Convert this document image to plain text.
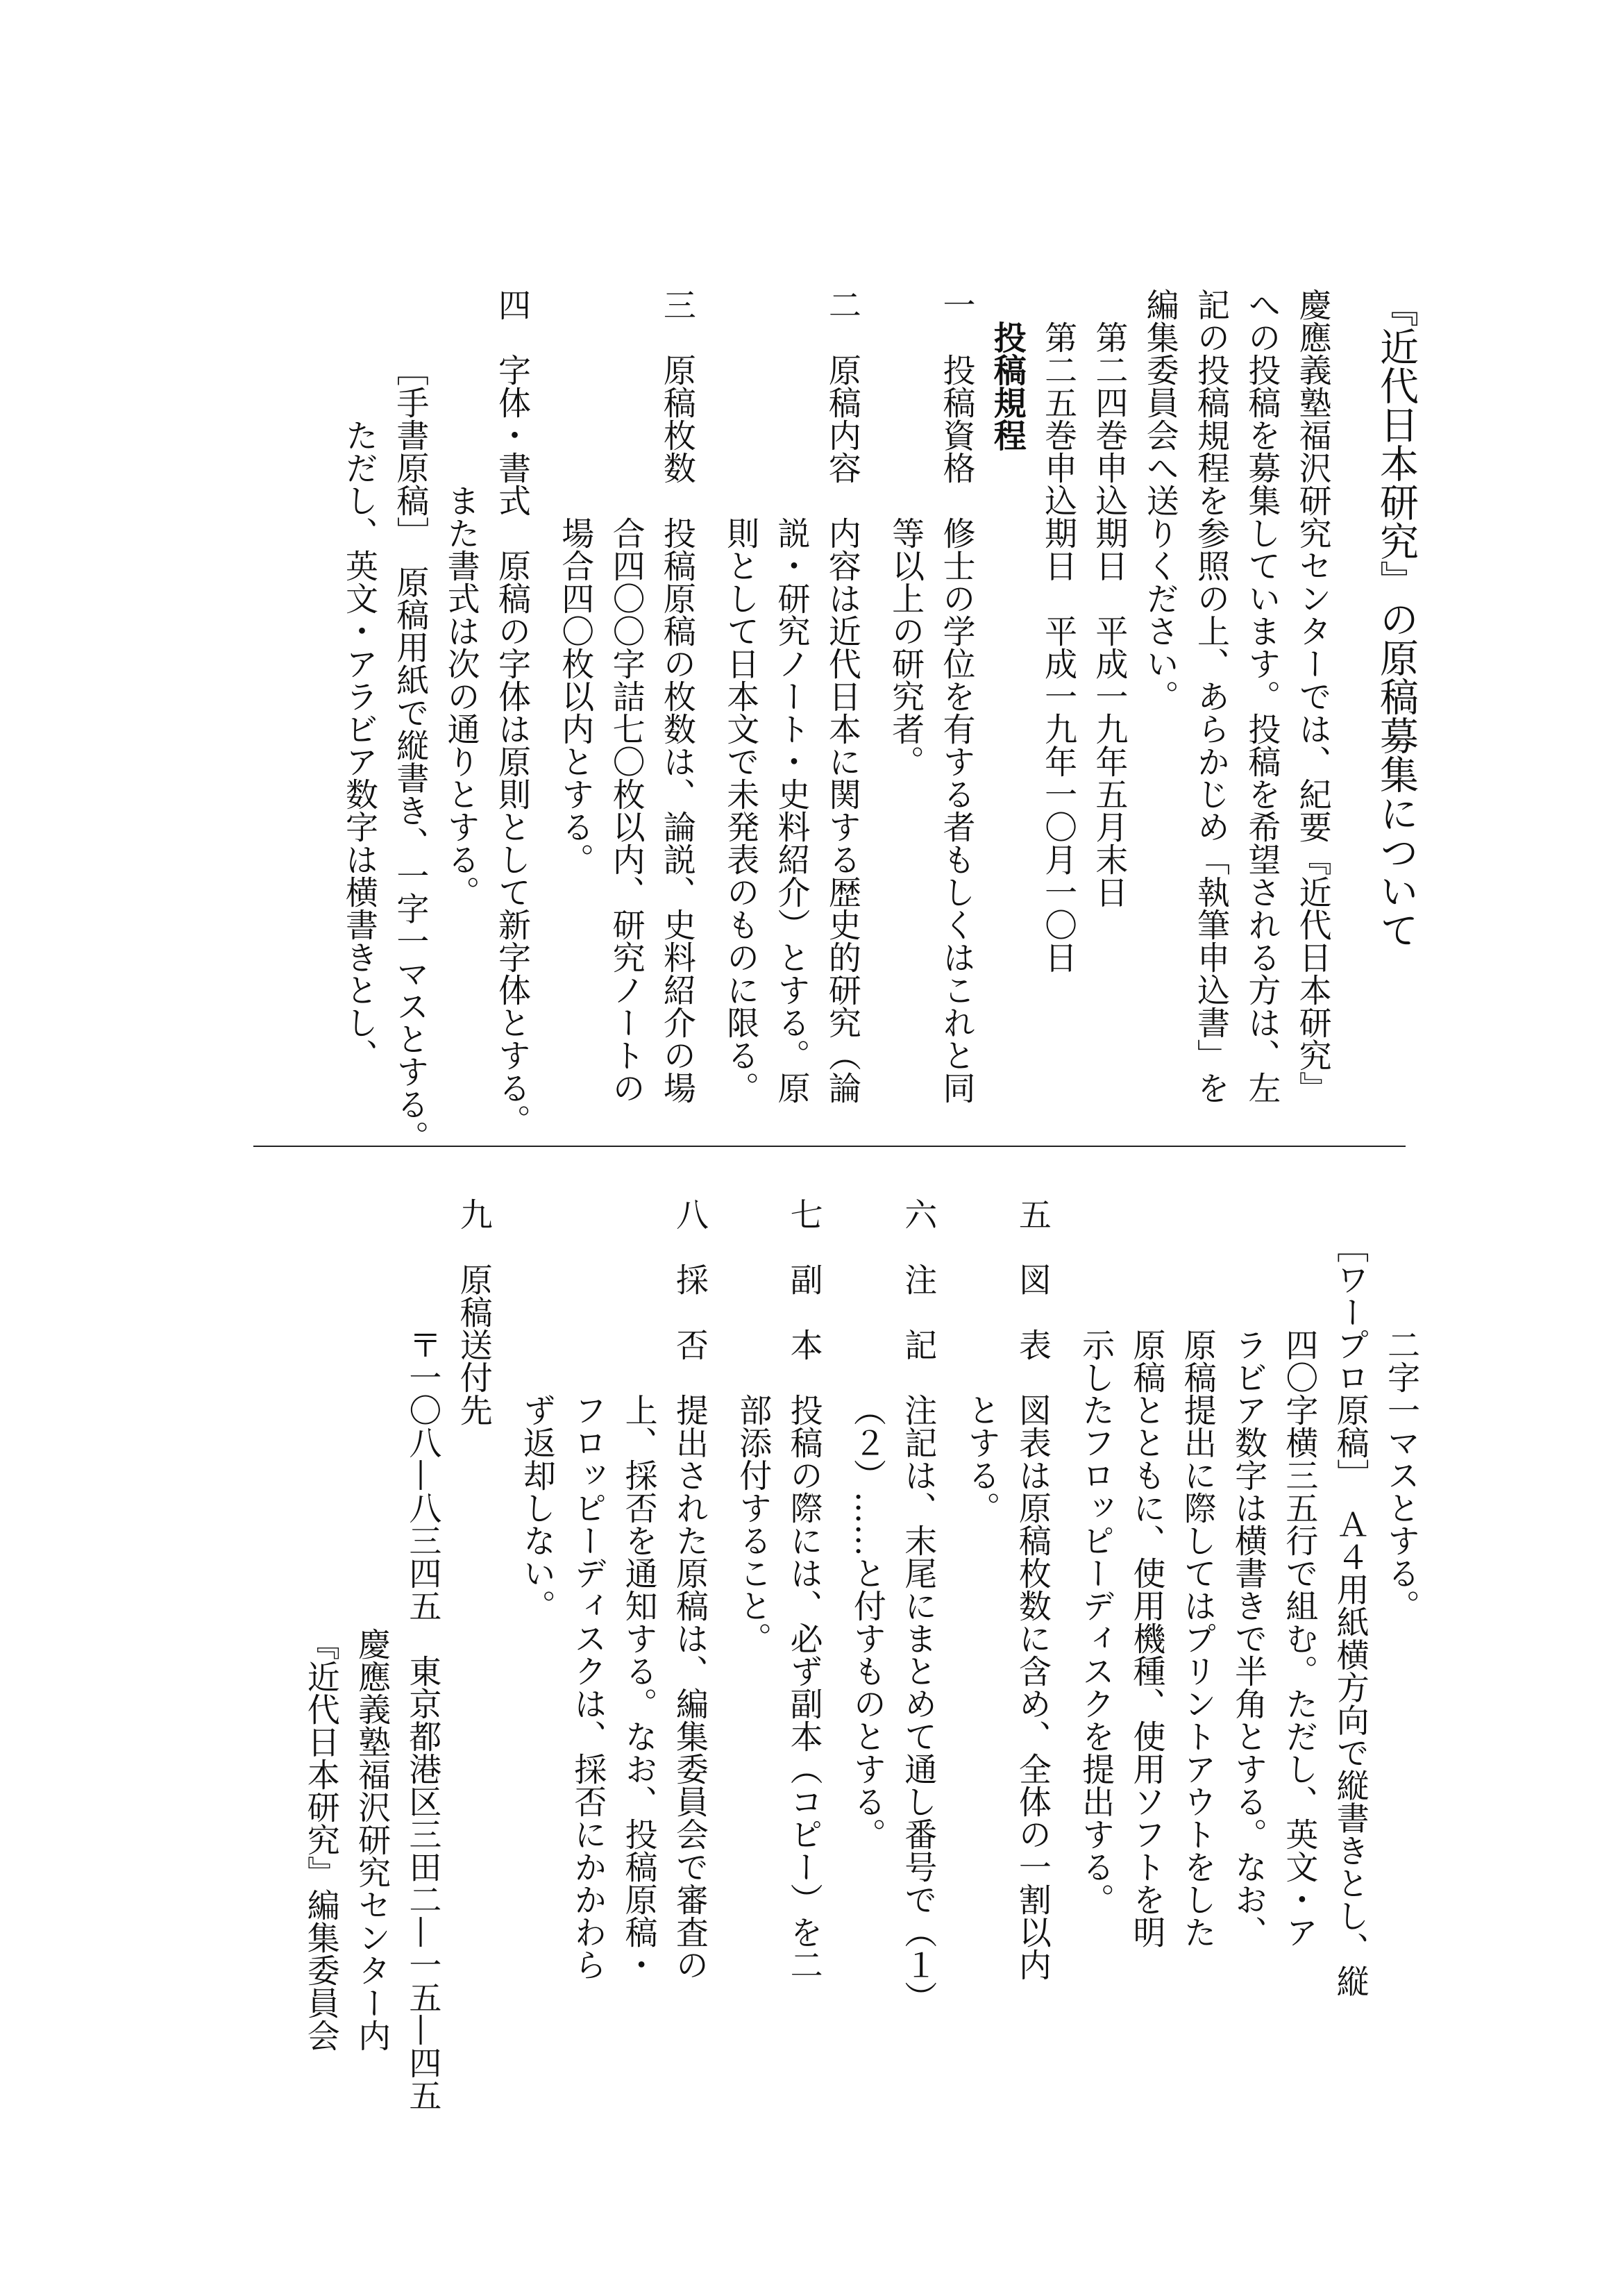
『近代日本研究』の原稿募集について
慶應義塾福沢研究センターでは、紀要『近代日本研究』
への投稿を募集しています。投稿を希望される方は、左
記の投稿規程を参照の上、あらかじめ「執筆申込書」を
編集委員会へ送りください。
第二四巻申込期日　平成一九年五月末日
第二五巻申込期日　平成一九年一〇月一〇日
投稿規程
一　投稿資格　修士の学位を有する者もしくはこれと同
等以上の研究者。
二　原稿内容　内容は近代日本に関する歴史的研究（論
説・研究ノート・史料紹介）とする。原
則として日本文で未発表のものに限る。
三　原稿枚数　投稿原稿の枚数は、論説、史料紹介の場
合四〇〇字詰七〇枚以内、研究ノートの
場合四〇枚以内とする。
四　字体・書式　原稿の字体は原則として新字体とする。
また書式は次の通りとする。
［手書原稿］　原稿用紙で縦書き、一字一マスとする。
ただし、英文・アラビア数字は横書きとし、
二字一マスとする。
［ワープロ原稿］　Ａ４用紙横方向で縦書きとし、縦
四〇字横三五行で組む。ただし、英文・ア
ラビア数字は横書きで半角とする。なお、
原稿提出に際してはプリントアウトをした
原稿とともに、使用機種、使用ソフトを明
示したフロッピーディスクを提出する。
五　図　表　図表は原稿枚数に含め、全体の一割以内
とする。
六　注　記　注記は、末尾にまとめて通し番号で（１）
（２）……と付すものとする。
七　副　本　投稿の際には、必ず副本（コピー）を二
部添付すること。
八　採　否　提出された原稿は、編集委員会で審査の
上、採否を通知する。なお、投稿原稿・
フロッピーディスクは、採否にかかわら
ず返却しない。
九　原稿送付先
〒一〇八—八三四五　東京都港区三田二—一五—四五
慶應義塾福沢研究センター内
『近代日本研究』編集委員会
